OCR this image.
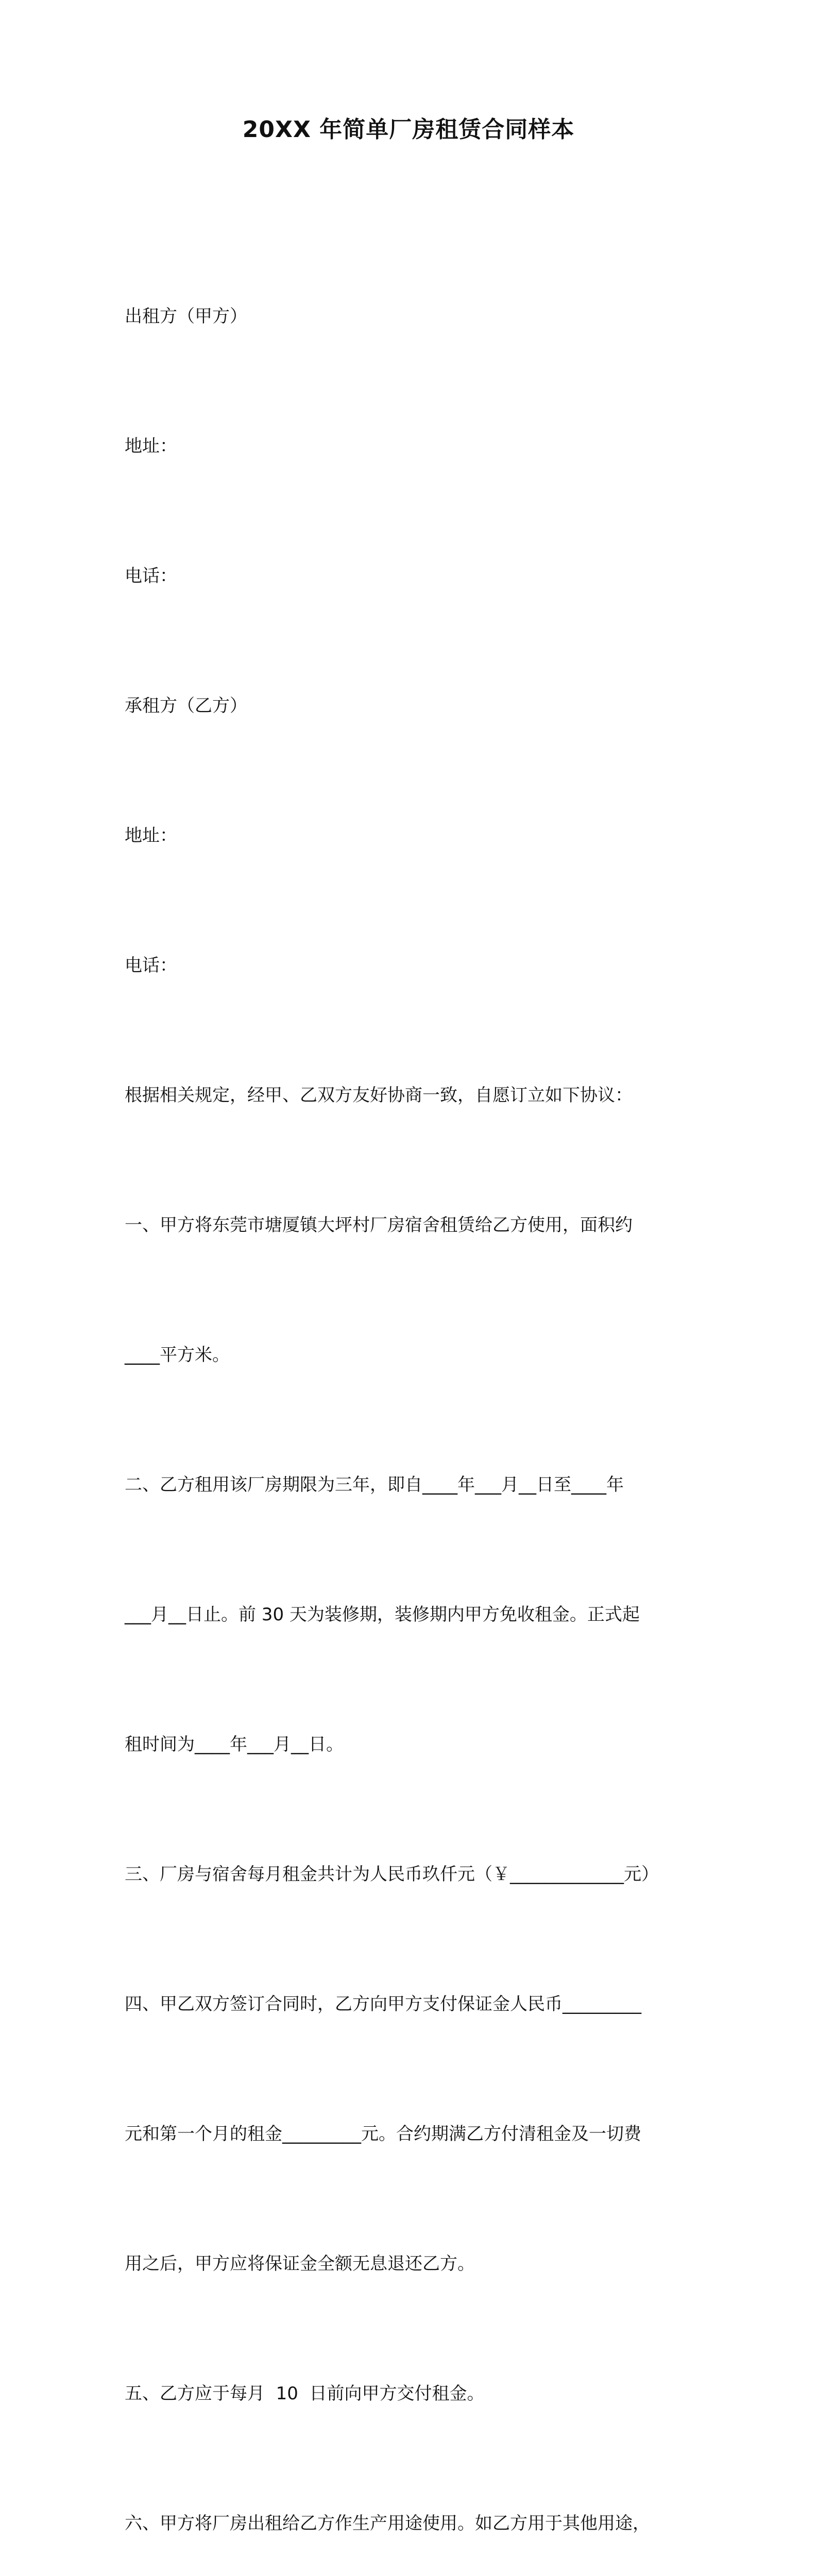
20XX 年简单厂房租赁合同样本

出租方（甲方）

地址：

电话：

承租方（乙方）

地址：

电话：

根据相关规定，经甲、乙双方友好协商一致，自愿订立如下协议：

一、甲方将东莞市塘厦镇大坪村厂房宿舍租赁给乙方使用，面积约

____平方米。

二、乙方租用该厂房期限为三年，即自____年___月__日至____年

___月__日止。前 30 天为装修期，装修期内甲方免收租金。正式起

租时间为____年___月__日。

三、厂房与宿舍每月租金共计为人民币玖仟元（￥_____________元）

四、甲乙双方签订合同时，乙方向甲方支付保证金人民币_________

元和第一个月的租金_________元。合约期满乙方付清租金及一切费

用之后，甲方应将保证金全额无息退还乙方。

五、乙方应于每月  10  日前向甲方交付租金。

六、甲方将厂房出租给乙方作生产用途使用。如乙方用于其他用途，
